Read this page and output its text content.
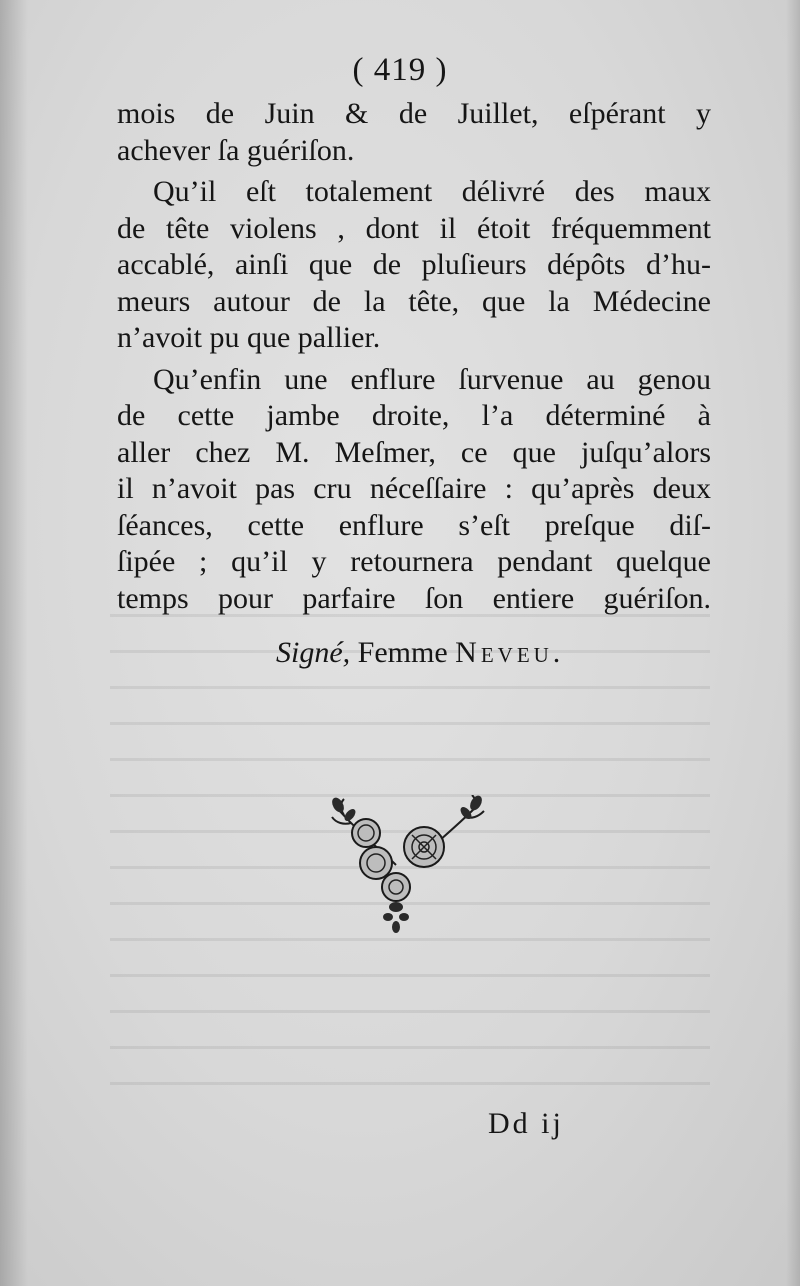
( 419 )
mois de Juin & de Juillet, eſpérant y
achever ſa guériſon.
Qu’il eſt totalement délivré des maux
de tête violens , dont il étoit fréquemment
accablé, ainſi que de pluſieurs dépôts d’hu-
meurs autour de la tête, que la Médecine
n’avoit pu que pallier.
Qu’enfin une enflure ſurvenue au genou
de cette jambe droite, l’a déterminé à
aller chez M. Meſmer, ce que juſqu’alors
il n’avoit pas cru néceſſaire : qu’après deux
ſéances, cette enflure s’eſt preſque diſ-
ſipée ; qu’il y retournera pendant quelque
temps pour parfaire ſon entiere guériſon.
Signé, Femme Neveu.
Dd ij
